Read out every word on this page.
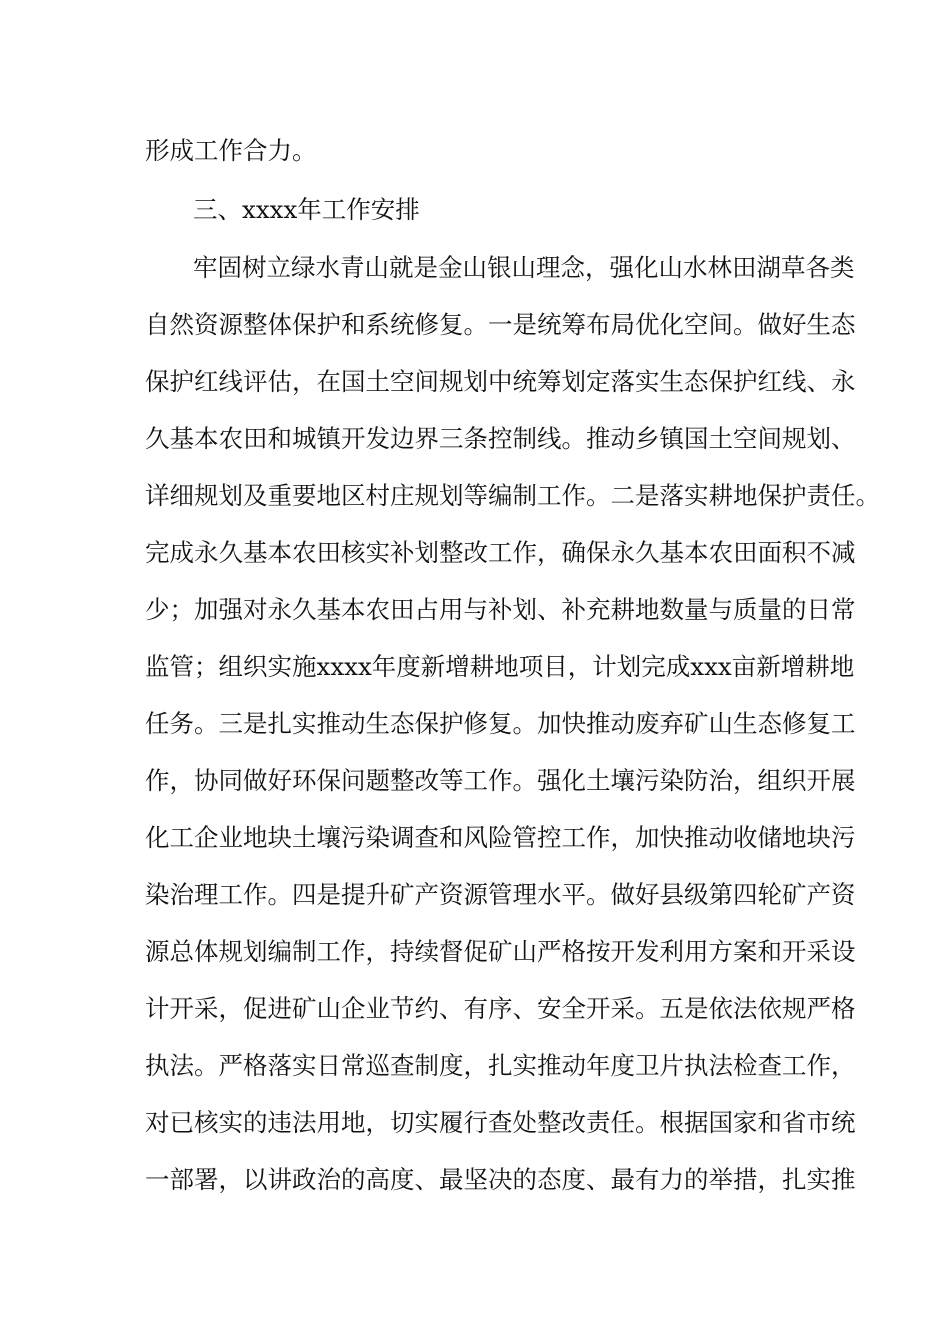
形成工作合力。
三、xxxx年工作安排
牢固树立绿水青山就是金山银山理念，强化山水林田湖草各类
自然资源整体保护和系统修复。一是统筹布局优化空间。做好生态
保护红线评估，在国土空间规划中统筹划定落实生态保护红线、永
久基本农田和城镇开发边界三条控制线。推动乡镇国土空间规划、
详细规划及重要地区村庄规划等编制工作。二是落实耕地保护责任。
完成永久基本农田核实补划整改工作，确保永久基本农田面积不减
少；加强对永久基本农田占用与补划、补充耕地数量与质量的日常
监管；组织实施xxxx年度新增耕地项目，计划完成xxx亩新增耕地
任务。三是扎实推动生态保护修复。加快推动废弃矿山生态修复工
作，协同做好环保问题整改等工作。强化土壤污染防治，组织开展
化工企业地块土壤污染调查和风险管控工作，加快推动收储地块污
染治理工作。四是提升矿产资源管理水平。做好县级第四轮矿产资
源总体规划编制工作，持续督促矿山严格按开发利用方案和开采设
计开采，促进矿山企业节约、有序、安全开采。五是依法依规严格
执法。严格落实日常巡查制度，扎实推动年度卫片执法检查工作，
对已核实的违法用地，切实履行查处整改责任。根据国家和省市统
一部署，以讲政治的高度、最坚决的态度、最有力的举措，扎实推
